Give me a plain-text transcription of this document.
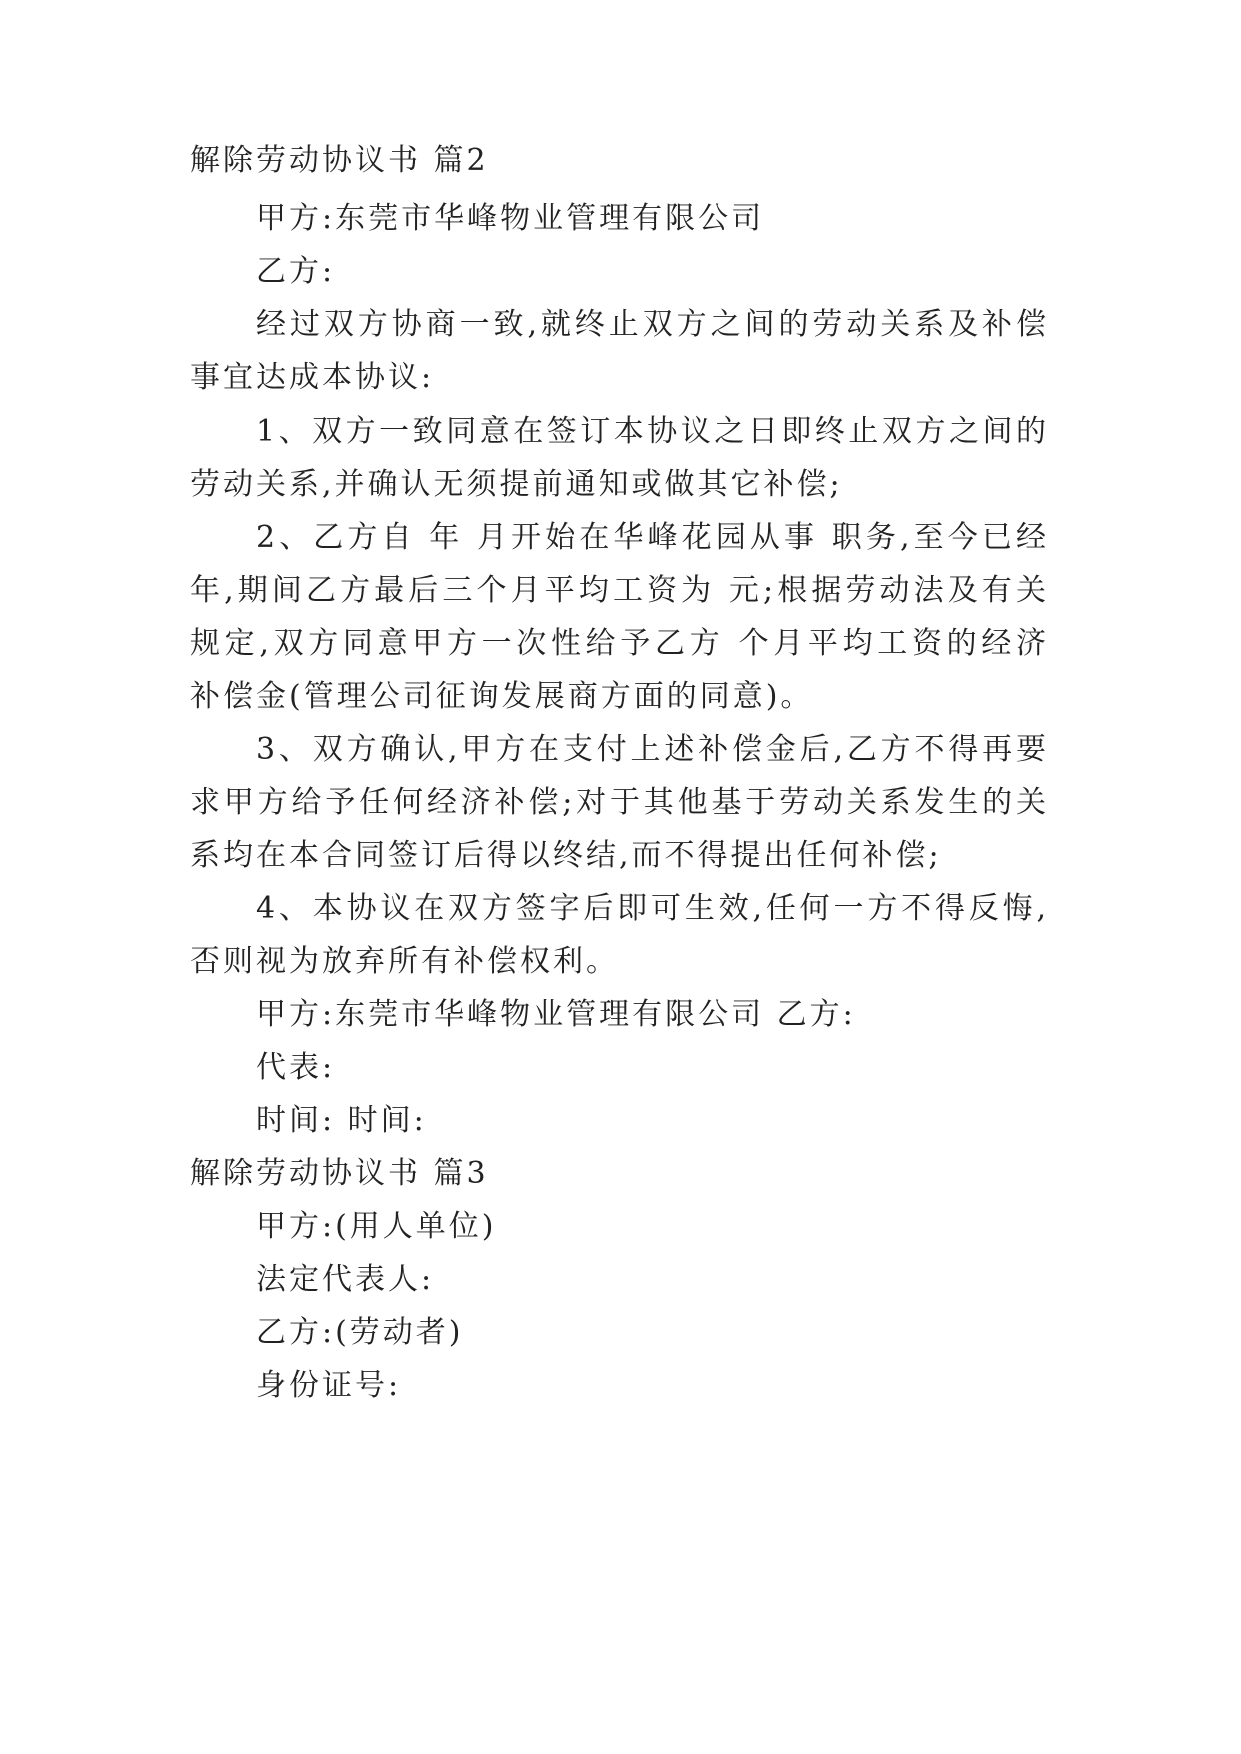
解除劳动协议书 篇2
甲方:东莞市华峰物业管理有限公司
乙方:
经过双方协商一致,就终止双方之间的劳动关系及补偿
事宜达成本协议:
1、双方一致同意在签订本协议之日即终止双方之间的
劳动关系,并确认无须提前通知或做其它补偿;
2、乙方自 年 月开始在华峰花园从事 职务,至今已经
年,期间乙方最后三个月平均工资为 元;根据劳动法及有关
规定,双方同意甲方一次性给予乙方 个月平均工资的经济
补偿金(管理公司征询发展商方面的同意)。
3、双方确认,甲方在支付上述补偿金后,乙方不得再要
求甲方给予任何经济补偿;对于其他基于劳动关系发生的关
系均在本合同签订后得以终结,而不得提出任何补偿;
4、本协议在双方签字后即可生效,任何一方不得反悔,
否则视为放弃所有补偿权利。
甲方:东莞市华峰物业管理有限公司 乙方:
代表:
时间: 时间:
解除劳动协议书 篇3
甲方:(用人单位)
法定代表人:
乙方:(劳动者)
身份证号:
